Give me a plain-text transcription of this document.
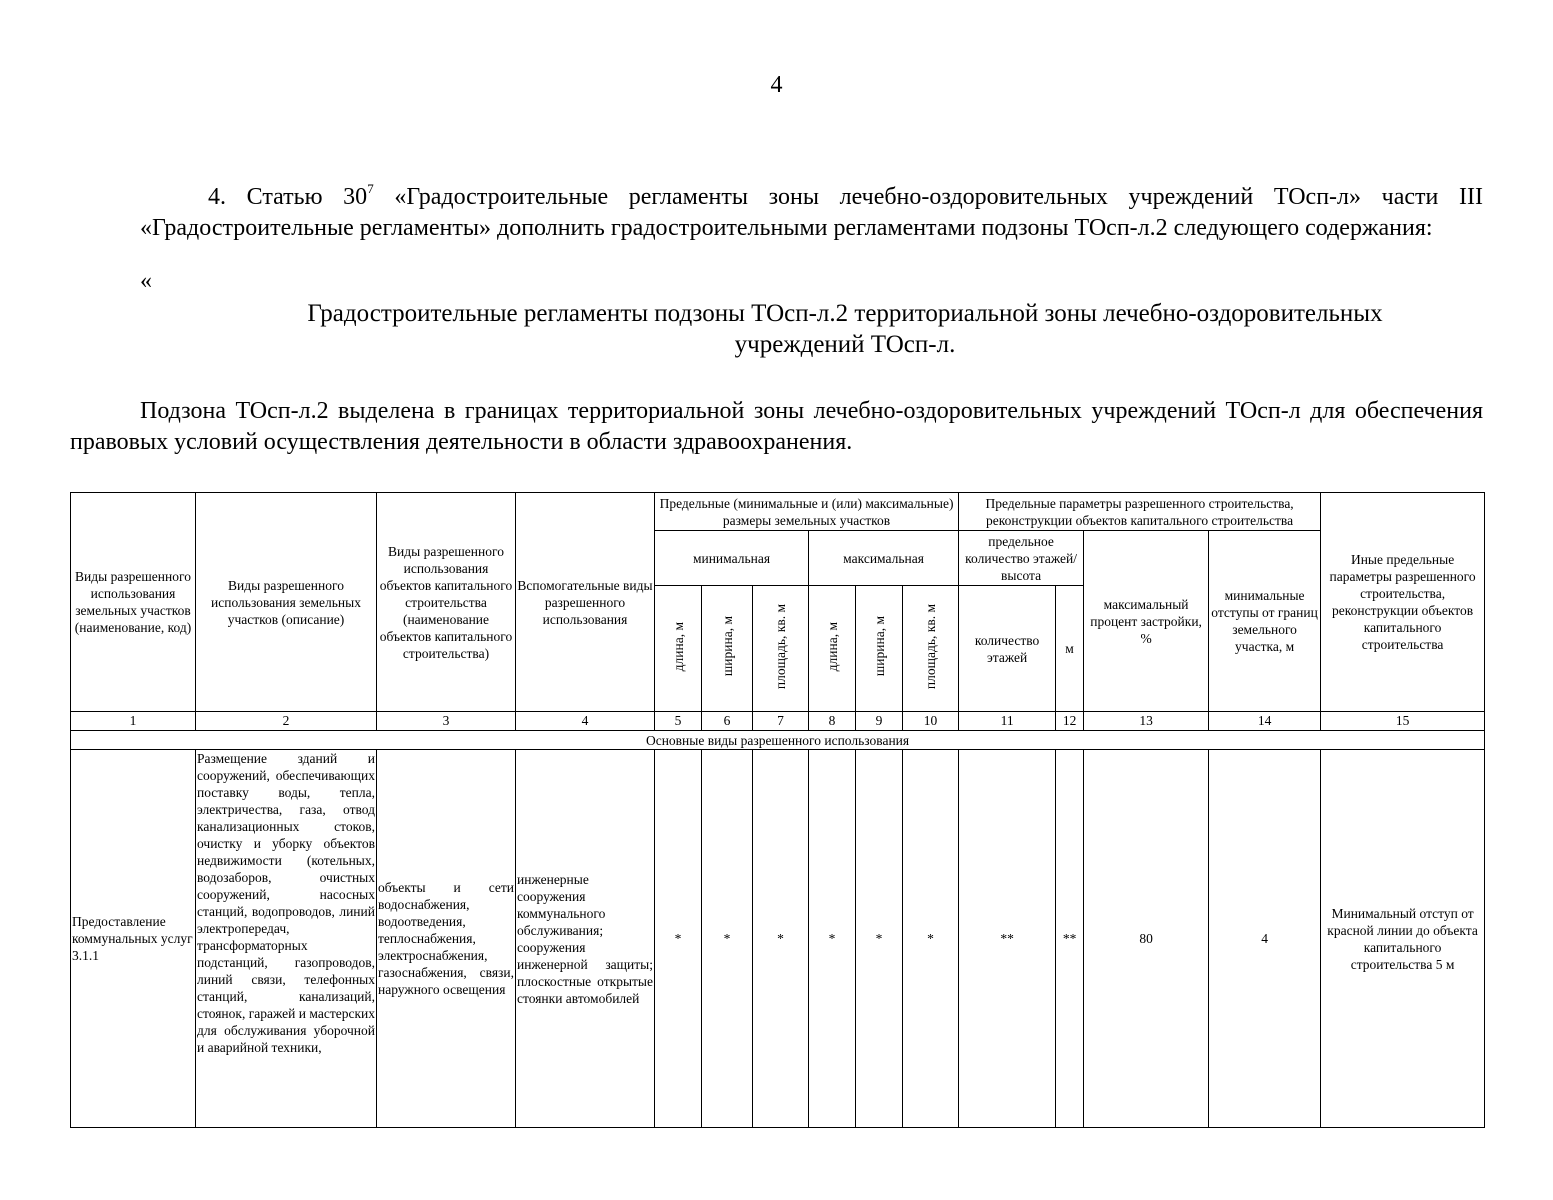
4
4. Статью $30^7$ «Градостроительные регламенты зоны лечебно-оздоровительных учреждений ТОсп-л» части III «Градостроительные регламенты» дополнить градостроительными регламентами подзоны ТОсп-л.2 следующего содержания:
«
Градостроительные регламенты подзоны ТОсп-л.2 территориальной зоны лечебно-оздоровительных учреждений ТОсп-л.
Подзона ТОсп-л.2 выделена в границах территориальной зоны лечебно-оздоровительных учреждений ТОсп-л для обеспечения правовых условий осуществления деятельности в области здравоохранения.
Виды разрешенного использования земельных участков (наименование, код)	Виды разрешенного использования земельных участков (описание)	Виды разрешенного использования объектов капитального строительства (наименование объектов капитального строительства)	Вспомогательные виды разрешенного использования	Предельные (минимальные и (или) максимальные) размеры земельных участков						Предельные параметры разрешенного строительства, реконструкции объектов капитального строительства				Иные предельные параметры разрешенного строительства, реконструкции объектов капитального строительства
				минимальная			максимальная			предельное количество этажей/высота		максимальный процент застройки, %	минимальные отступы от границ земельного участка, м	

				длина, м	ширина, м	площадь, кв. м	длина, м	ширина, м	площадь, кв. м	количество этажей	м			
1	2	3	4	5	6	7	8	9	10	11	12	13	14	15
Основные виды разрешенного использования														
Предоставление коммунальных услуг 3.1.1	Размещение зданий и сооружений, обеспечивающих поставку воды, тепла, электричества, газа, отвод канализационных стоков, очистку и уборку объектов недвижимости (котельных, водозаборов, очистных сооружений, насосных станций, водопроводов, линий электропередач, трансформаторных подстанций, газопроводов, линий связи, телефонных станций, канализаций, стоянок, гаражей и мастерских для обслуживания уборочной и аварийной техники,	объекты и сети водоснабжения, водоотведения, теплоснабжения, электроснабжения, газоснабжения, связи, наружного освещения	инженерные сооружения коммунального обслуживания; сооружения инженерной защиты; плоскостные открытые стоянки автомобилей	*	*	*	*	*	*	**	**	80	4	Минимальный отступ от красной линии до объекта капитального строительства 5 м
